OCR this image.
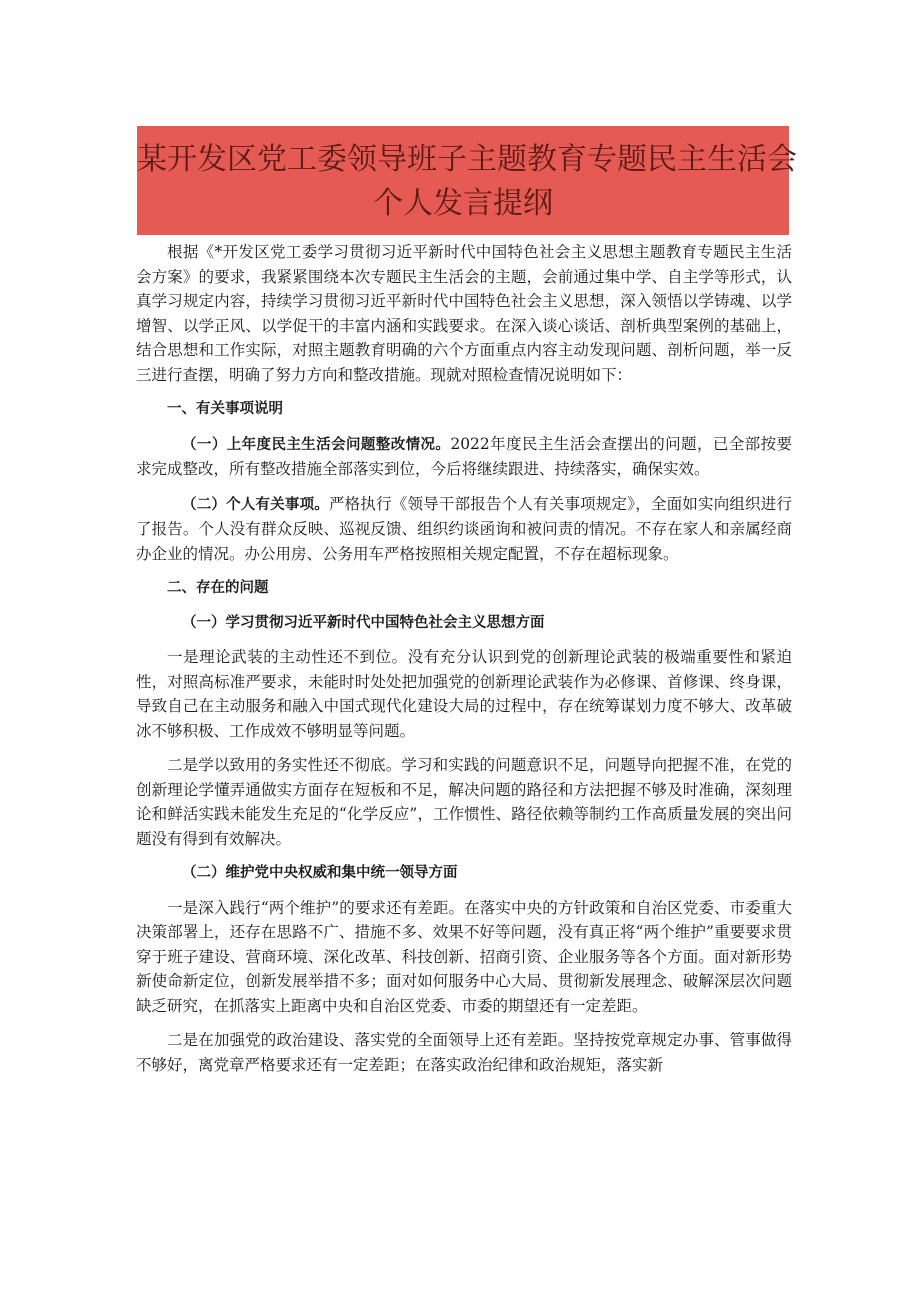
某开发区党工委领导班子主题教育专题民主生活会
个人发言提纲

根据《*开发区党工委学习贯彻习近平新时代中国特色社会主义思想主题教育专题民主生活会方案》的要求，我紧紧围绕本次专题民主生活会的主题，会前通过集中学、自主学等形式，认真学习规定内容，持续学习贯彻习近平新时代中国特色社会主义思想，深入领悟以学铸魂、以学增智、以学正风、以学促干的丰富内涵和实践要求。在深入谈心谈话、剖析典型案例的基础上，结合思想和工作实际，对照主题教育明确的六个方面重点内容主动发现问题、剖析问题，举一反三进行查摆，明确了努力方向和整改措施。现就对照检查情况说明如下：

一、有关事项说明

（一）上年度民主生活会问题整改情况。2022年度民主生活会查摆出的问题，已全部按要求完成整改，所有整改措施全部落实到位，今后将继续跟进、持续落实，确保实效。

（二）个人有关事项。严格执行《领导干部报告个人有关事项规定》，全面如实向组织进行了报告。个人没有群众反映、巡视反馈、组织约谈函询和被问责的情况。不存在家人和亲属经商办企业的情况。办公用房、公务用车严格按照相关规定配置，不存在超标现象。

二、存在的问题

（一）学习贯彻习近平新时代中国特色社会主义思想方面

一是理论武装的主动性还不到位。没有充分认识到党的创新理论武装的极端重要性和紧迫性，对照高标准严要求，未能时时处处把加强党的创新理论武装作为必修课、首修课、终身课，导致自己在主动服务和融入中国式现代化建设大局的过程中，存在统筹谋划力度不够大、改革破冰不够积极、工作成效不够明显等问题。

二是学以致用的务实性还不彻底。学习和实践的问题意识不足，问题导向把握不准，在党的创新理论学懂弄通做实方面存在短板和不足，解决问题的路径和方法把握不够及时准确，深刻理论和鲜活实践未能发生充足的“化学反应”，工作惯性、路径依赖等制约工作高质量发展的突出问题没有得到有效解决。

（二）维护党中央权威和集中统一领导方面

一是深入践行“两个维护”的要求还有差距。在落实中央的方针政策和自治区党委、市委重大决策部署上，还存在思路不广、措施不多、效果不好等问题，没有真正将“两个维护”重要要求贯穿于班子建设、营商环境、深化改革、科技创新、招商引资、企业服务等各个方面。面对新形势新使命新定位，创新发展举措不多；面对如何服务中心大局、贯彻新发展理念、破解深层次问题缺乏研究，在抓落实上距离中央和自治区党委、市委的期望还有一定差距。

二是在加强党的政治建设、落实党的全面领导上还有差距。坚持按党章规定办事、管事做得不够好，离党章严格要求还有一定差距；在落实政治纪律和政治规矩，落实新
